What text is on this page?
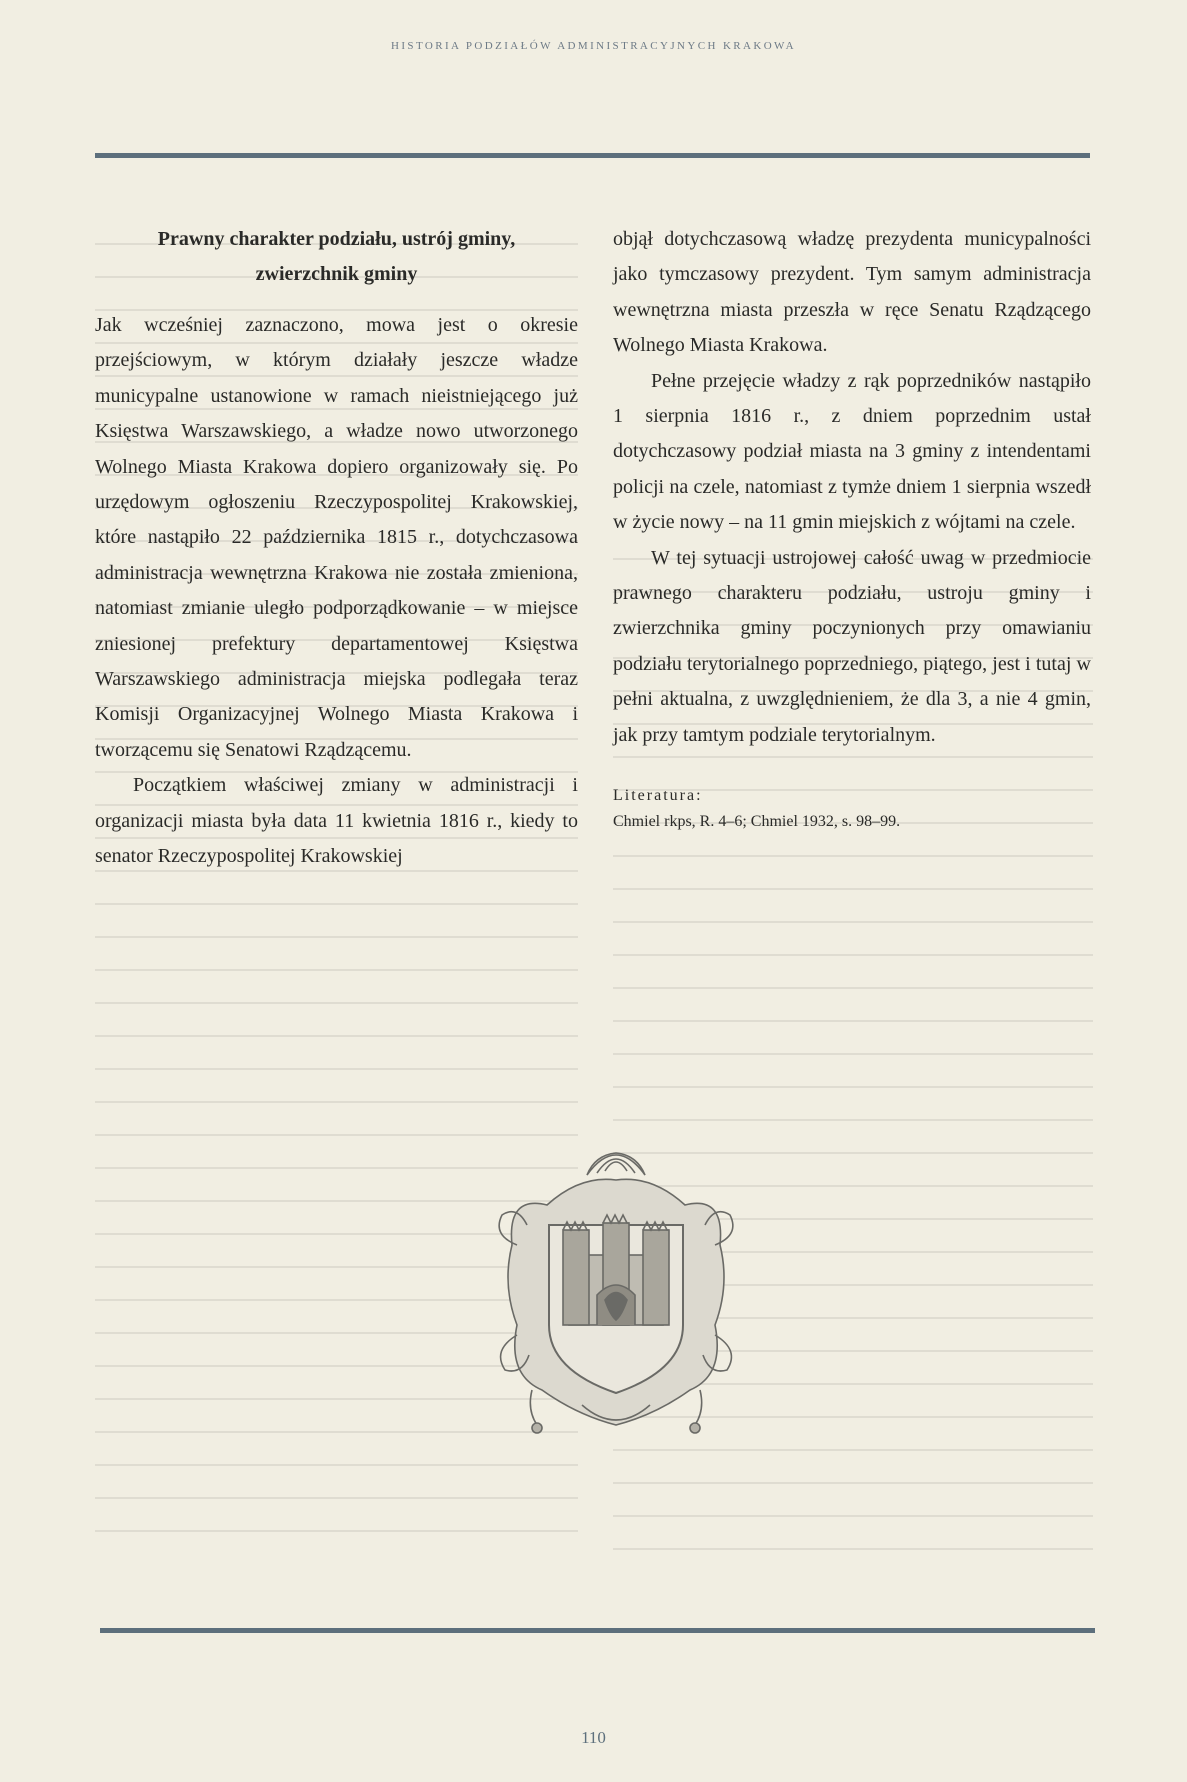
HISTORIA PODZIAŁÓW ADMINISTRACYJNYCH KRAKOWA
Prawny charakter podziału, ustrój gminy,
zwierzchnik gminy

Jak wcześniej zaznaczono, mowa jest o okresie przejściowym, w którym działały jeszcze władze municypalne ustanowione w ramach nieistniejącego już Księstwa Warszawskiego, a władze nowo utworzonego Wolnego Miasta Krakowa dopiero organizowały się. Po urzędowym ogłoszeniu Rzeczypospolitej Krakowskiej, które nastąpiło 22 października 1815 r., dotychczasowa administracja wewnętrzna Krakowa nie została zmieniona, natomiast zmianie uległo podporządkowanie – w miejsce zniesionej prefektury departamentowej Księstwa Warszawskiego administracja miejska podlegała teraz Komisji Organizacyjnej Wolnego Miasta Krakowa i tworzącemu się Senatowi Rządzącemu.

Początkiem właściwej zmiany w administracji i organizacji miasta była data 11 kwietnia 1816 r., kiedy to senator Rzeczypospolitej Krakowskiej

objął dotychczasową władzę prezydenta municypalności jako tymczasowy prezydent. Tym samym administracja wewnętrzna miasta przeszła w ręce Senatu Rządzącego Wolnego Miasta Krakowa.

Pełne przejęcie władzy z rąk poprzedników nastąpiło 1 sierpnia 1816 r., z dniem poprzednim ustał dotychczasowy podział miasta na 3 gminy z intendentami policji na czele, natomiast z tymże dniem 1 sierpnia wszedł w życie nowy – na 11 gmin miejskich z wójtami na czele.

W tej sytuacji ustrojowej całość uwag w przedmiocie prawnego charakteru podziału, ustroju gminy i zwierzchnika gminy poczynionych przy omawianiu podziału terytorialnego poprzedniego, piątego, jest i tutaj w pełni aktualna, z uwzględnieniem, że dla 3, a nie 4 gmin, jak przy tamtym podziale terytorialnym.

Literatura:
Chmiel rkps, R. 4–6; Chmiel 1932, s. 98–99.
110
